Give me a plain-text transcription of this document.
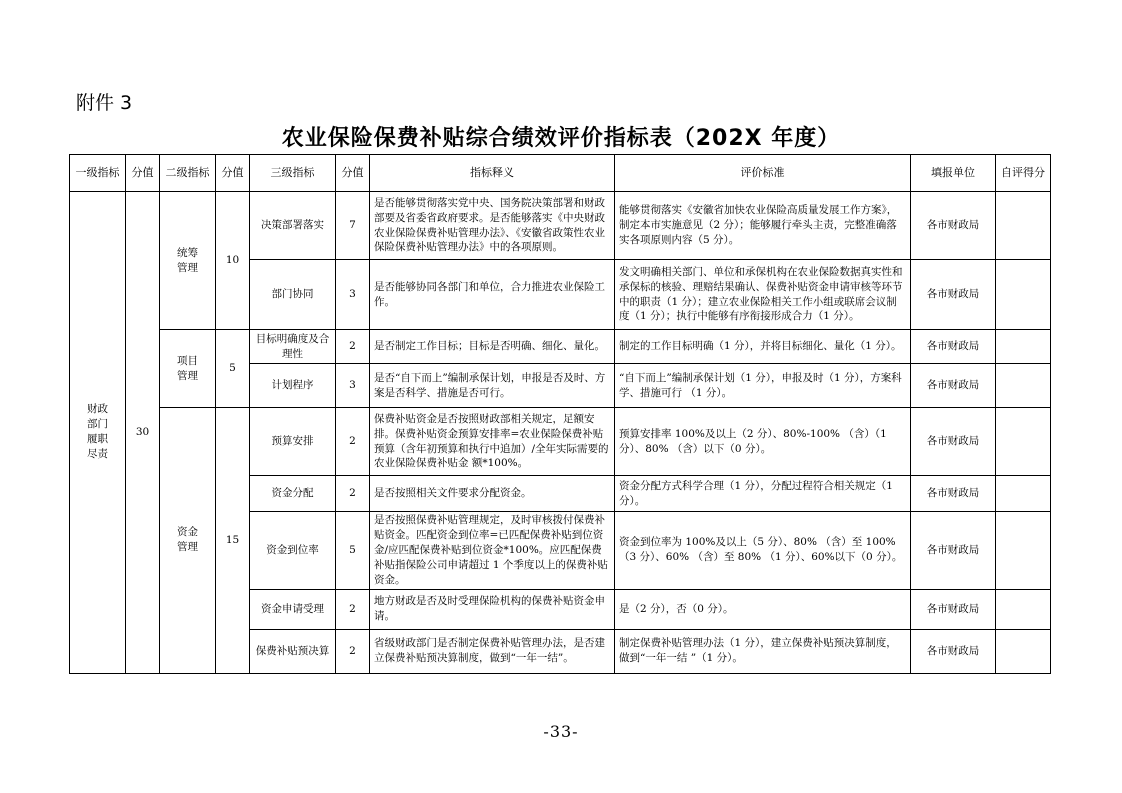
附件 3
农业保险保费补贴综合绩效评价指标表（202X 年度）
一级指标	分值	二级指标	分值	三级指标	分值	指标释义	评价标准	填报单位	自评得分
财政部门履职尽责	30	统筹管理	10	决策部署落实	7	是否能够贯彻落实党中央、国务院决策部署和财政部要及省委省政府要求。是否能够落实《中央财政农业保险保费补贴管理办法》、《安徽省政策性农业保险保费补贴管理办法》中的各项原则。	能够贯彻落实《安徽省加快农业保险高质量发展工作方案》，制定本市实施意见（2 分）；能够履行牵头主责，完整准确落实各项原则内容（5 分）。	各市财政局	
				部门协同	3	是否能够协同各部门和单位，合力推进农业保险工作。	发文明确相关部门、单位和承保机构在农业保险数据真实性和承保标的核验、理赔结果确认、保费补贴资金申请审核等环节中的职责（1 分）；建立农业保险相关工作小组或联席会议制度（1 分）；执行中能够有序衔接形成合力（1 分）。	各市财政局	
		项目管理	5	目标明确度及合理性	2	是否制定工作目标；目标是否明确、细化、量化。	制定的工作目标明确（1 分），并将目标细化、量化（1 分）。	各市财政局	
				计划程序	3	是否“自下而上”编制承保计划，申报是否及时、方案是否科学、措施是否可行。	“自下而上”编制承保计划（1 分），申报及时（1 分），方案科学、措施可行 （1 分）。	各市财政局	
		资金管理	15	预算安排	2	保费补贴资金是否按照财政部相关规定，足额安排。保费补贴资金预算安排率=农业保险保费补贴预算（含年初预算和执行中追加）/全年实际需要的农业保险保费补贴金 额*100%。	预算安排率 100%及以上（2 分）、80%-100% （含）（1 分）、80% （含）以下（0 分）。	各市财政局	
				资金分配	2	是否按照相关文件要求分配资金。	资金分配方式科学合理（1 分），分配过程符合相关规定（1 分）。	各市财政局	
				资金到位率	5	是否按照保费补贴管理规定，及时审核拨付保费补贴资金。匹配资金到位率=已匹配保费补贴到位资金/应匹配保费补贴到位资金*100%。应匹配保费补贴指保险公司申请超过 1 个季度以上的保费补贴资金。	资金到位率为 100%及以上（5 分）、80% （含）至 100% （3 分）、60% （含）至 80% （1 分）、60%以下（0 分）。	各市财政局	
				资金申请受理	2	地方财政是否及时受理保险机构的保费补贴资金申请。	是（2 分），否（0 分）。	各市财政局	
				保费补贴预决算	2	省级财政部门是否制定保费补贴管理办法，是否建立保费补贴预决算制度，做到“一年一结”。	制定保费补贴管理办法（1 分），建立保费补贴预决算制度，做到“一年一结 ”（1 分）。	各市财政局	
-33-
